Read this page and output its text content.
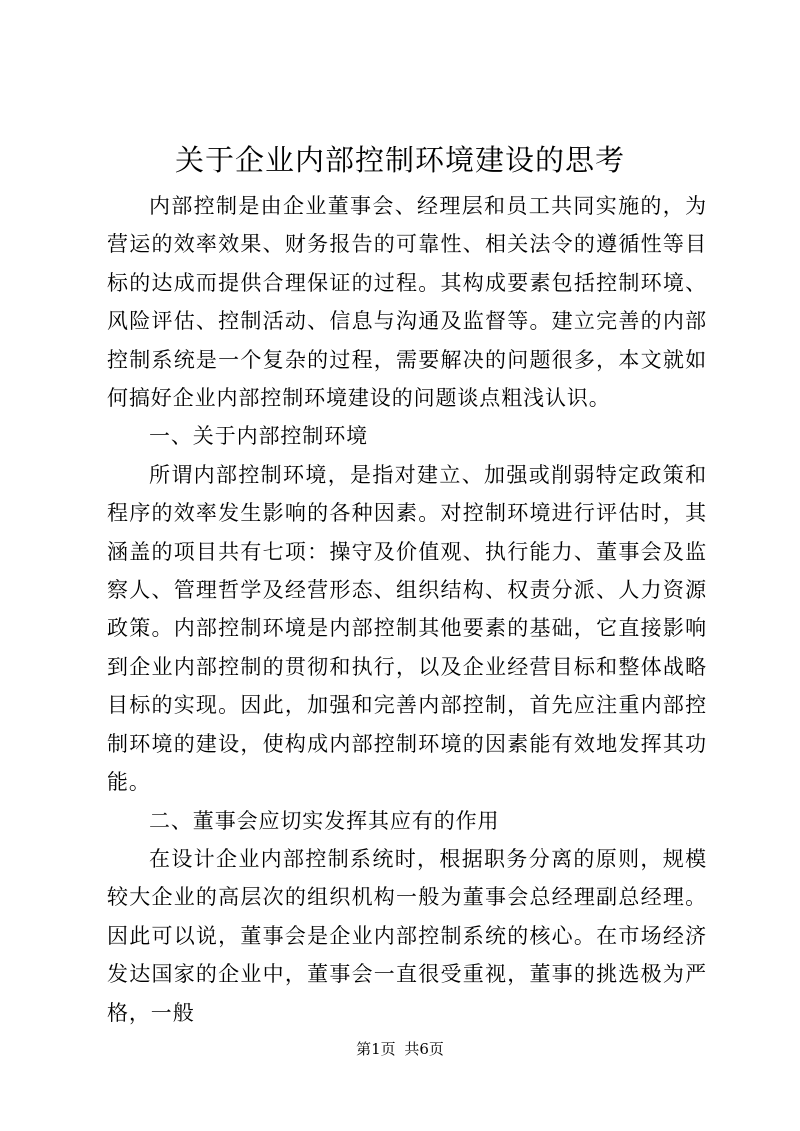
关于企业内部控制环境建设的思考

内部控制是由企业董事会、经理层和员工共同实施的，为营运的效率效果、财务报告的可靠性、相关法令的遵循性等目标的达成而提供合理保证的过程。其构成要素包括控制环境、风险评估、控制活动、信息与沟通及监督等。建立完善的内部控制系统是一个复杂的过程，需要解决的问题很多，本文就如何搞好企业内部控制环境建设的问题谈点粗浅认识。

一、关于内部控制环境

所谓内部控制环境，是指对建立、加强或削弱特定政策和程序的效率发生影响的各种因素。对控制环境进行评估时，其涵盖的项目共有七项：操守及价值观、执行能力、董事会及监察人、管理哲学及经营形态、组织结构、权责分派、人力资源政策。内部控制环境是内部控制其他要素的基础，它直接影响到企业内部控制的贯彻和执行，以及企业经营目标和整体战略目标的实现。因此，加强和完善内部控制，首先应注重内部控制环境的建设，使构成内部控制环境的因素能有效地发挥其功能。

二、董事会应切实发挥其应有的作用

在设计企业内部控制系统时，根据职务分离的原则，规模较大企业的高层次的组织机构一般为董事会总经理副总经理。因此可以说，董事会是企业内部控制系统的核心。在市场经济发达国家的企业中，董事会一直很受重视，董事的挑选极为严格，一般

第1页 共6页
